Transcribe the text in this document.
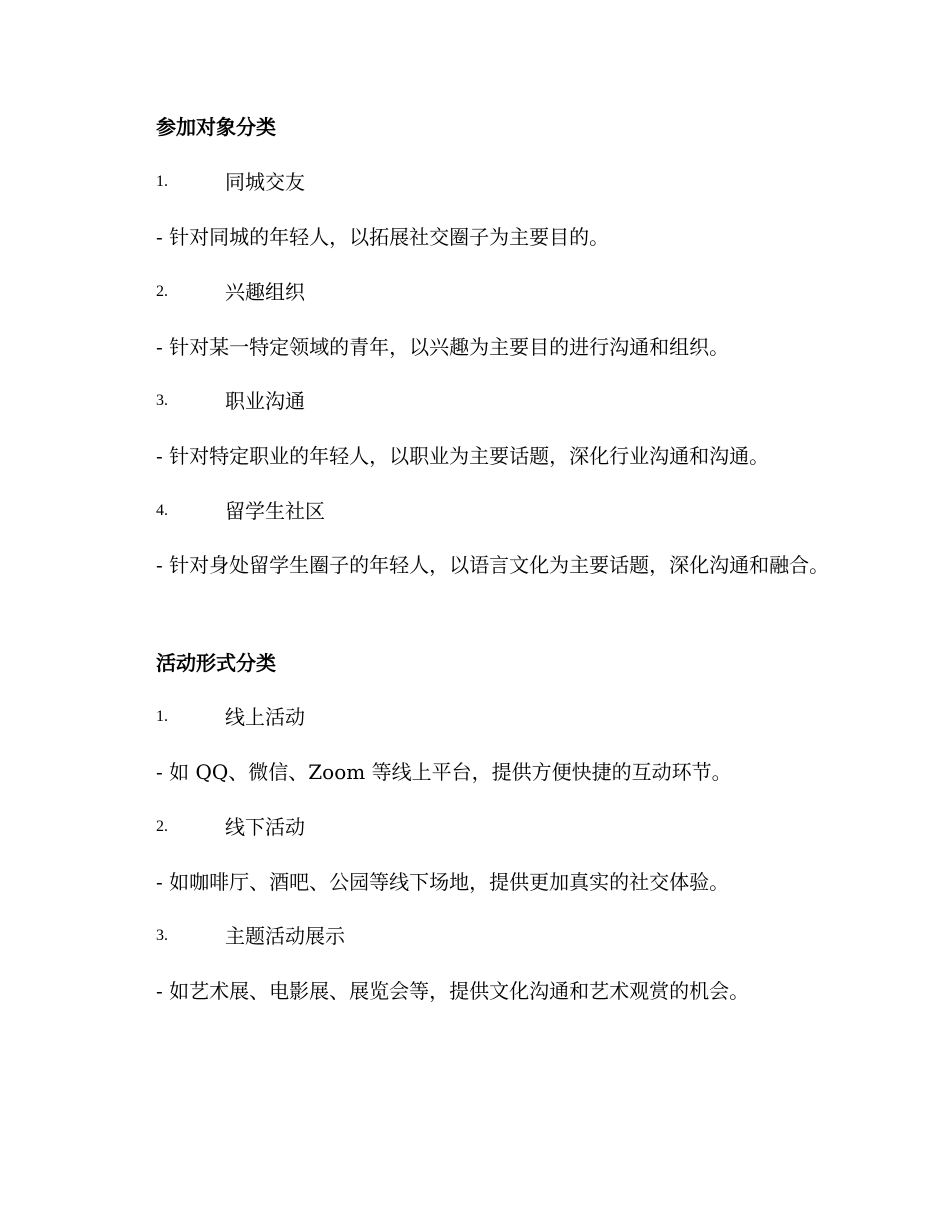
参加对象分类
1.	同城交友
- 针对同城的年轻人，以拓展社交圈子为主要目的。
2.	兴趣组织
- 针对某一特定领域的青年，以兴趣为主要目的进行沟通和组织。
3.	职业沟通
- 针对特定职业的年轻人，以职业为主要话题，深化行业沟通和沟通。
4.	留学生社区
- 针对身处留学生圈子的年轻人，以语言文化为主要话题，深化沟通和融合。
活动形式分类
1.	线上活动
- 如 QQ、微信、Zoom 等线上平台，提供方便快捷的互动环节。
2.	线下活动
- 如咖啡厅、酒吧、公园等线下场地，提供更加真实的社交体验。
3.	主题活动展示
- 如艺术展、电影展、展览会等，提供文化沟通和艺术观赏的机会。
